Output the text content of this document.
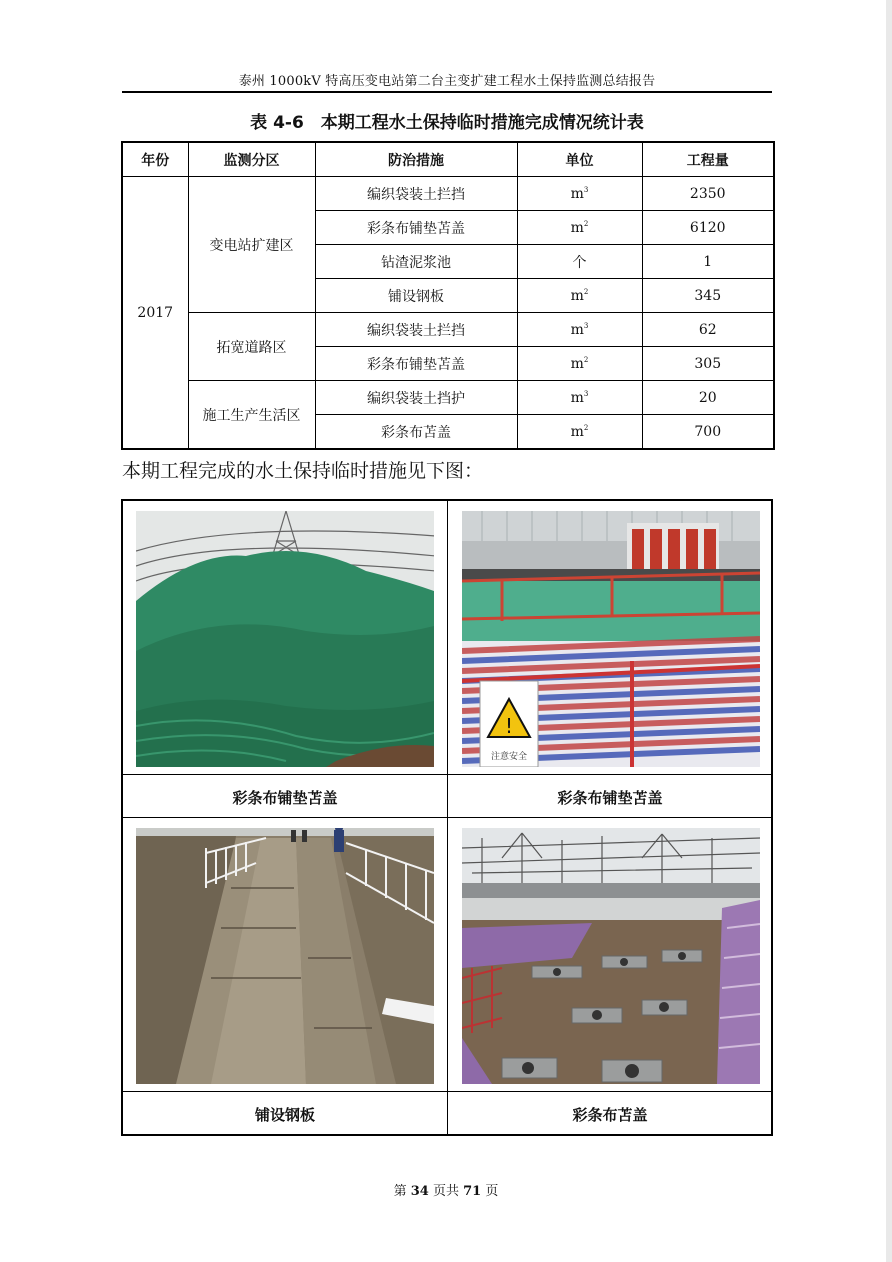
泰州 1000kV 特高压变电站第二台主变扩建工程水土保持监测总结报告
表 4-6　本期工程水土保持临时措施完成情况统计表
年份	监测分区	防治措施	单位	工程量
2017	变电站扩建区	编织袋装土拦挡	$m^3$	2350
		彩条布铺垫苫盖	$m^2$	6120
		钻渣泥浆池	个	1
		铺设钢板	$m^2$	345
	拓宽道路区	编织袋装土拦挡	$m^3$	62
		彩条布铺垫苫盖	$m^2$	305
	施工生产生活区	编织袋装土挡护	$m^3$	20
		彩条布苫盖	$m^2$	700
本期工程完成的水土保持临时措施见下图：
!
注意安全
彩条布铺垫苫盖	彩条布铺垫苫盖
铺设钢板	彩条布苫盖
第 34 页共 71 页
